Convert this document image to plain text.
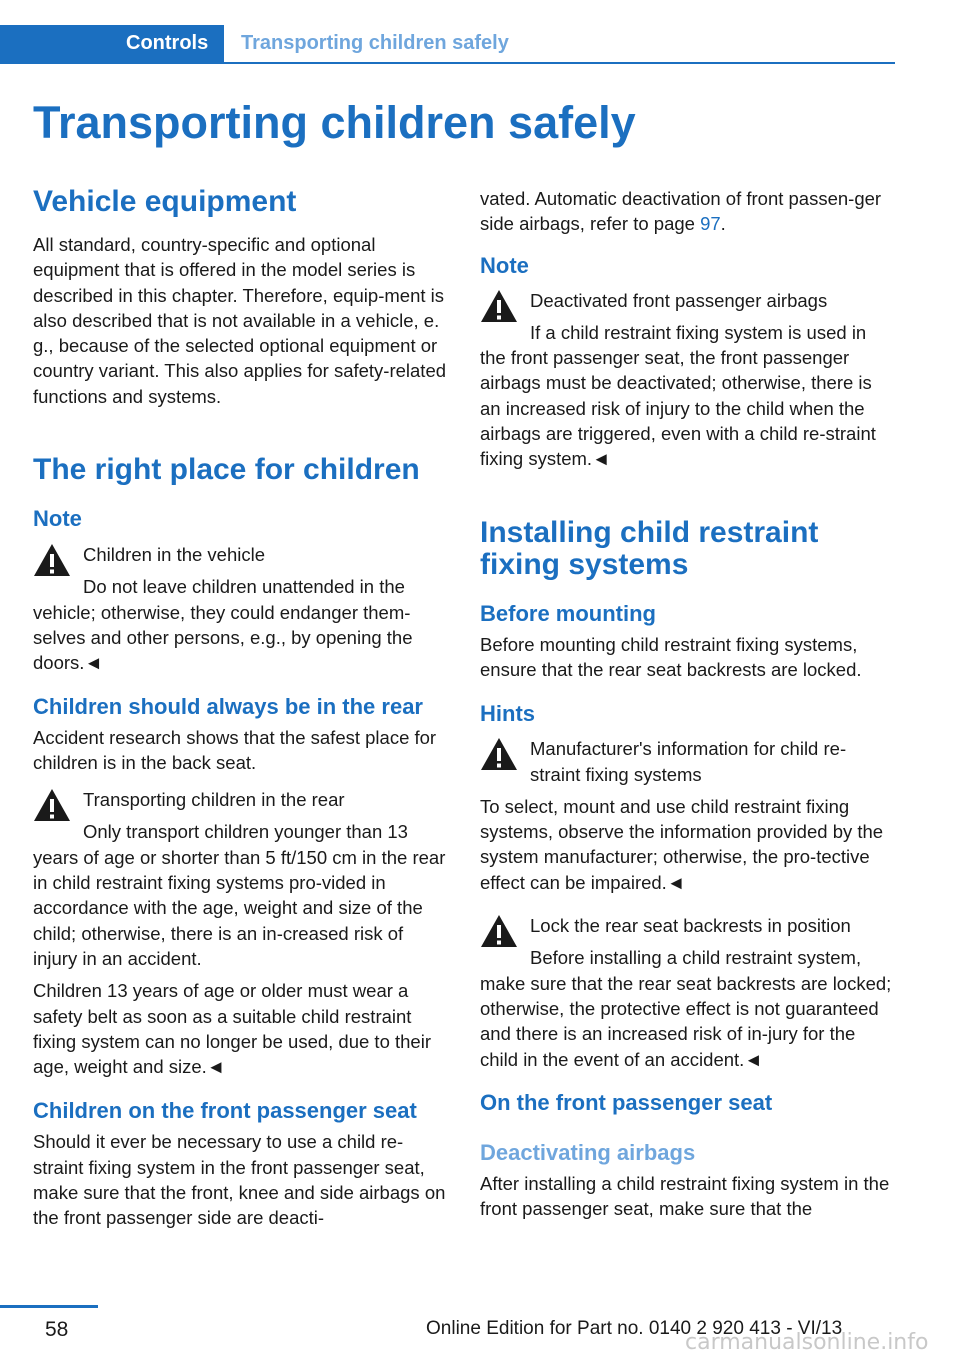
Controls	Transporting children safely
Transporting children safely
Vehicle equipment

All standard, country-specific and optional equipment that is offered in the model series is described in this chapter. Therefore, equip‐ment is also described that is not available in a vehicle, e. g., because of the selected optional equipment or country variant. This also applies for safety-related functions and systems.

The right place for children
Note
Children in the vehicle

Do not leave children unattended in the vehicle; otherwise, they could endanger them‐selves and other persons, e.g., by opening the doors.◄

Children should always be in the rear

Accident research shows that the safest place for children is in the back seat.

Transporting children in the rear

Only transport children younger than 13 years of age or shorter than 5 ft/150 cm in the rear in child restraint fixing systems pro‐vided in accordance with the age, weight and size of the child; otherwise, there is an in‐creased risk of injury in an accident.

Children 13 years of age or older must wear a safety belt as soon as a suitable child restraint fixing system can no longer be used, due to their age, weight and size.◄

Children on the front passenger seat

Should it ever be necessary to use a child re‐straint fixing system in the front passenger seat, make sure that the front, knee and side airbags on the front passenger side are deacti‐

vated. Automatic deactivation of front passen‐ger side airbags, refer to page 97.

Note
Deactivated front passenger airbags

If a child restraint fixing system is used in the front passenger seat, the front passenger airbags must be deactivated; otherwise, there is an increased risk of injury to the child when the airbags are triggered, even with a child re‐straint fixing system.◄

Installing child restraint fixing systems
Before mounting

Before mounting child restraint fixing systems, ensure that the rear seat backrests are locked.

Hints

Manufacturer's information for child re‐straint fixing systems

To select, mount and use child restraint fixing systems, observe the information provided by the system manufacturer; otherwise, the pro‐tective effect can be impaired.◄

Lock the rear seat backrests in position

Before installing a child restraint system, make sure that the rear seat backrests are locked; otherwise, the protective effect is not guaranteed and there is an increased risk of in‐jury for the child in the event of an accident.◄

On the front passenger seat
Deactivating airbags

After installing a child restraint fixing system in the front passenger seat, make sure that the

58	Online Edition for Part no. 0140 2 920 413 - VI/13
carmanualsonline.info
